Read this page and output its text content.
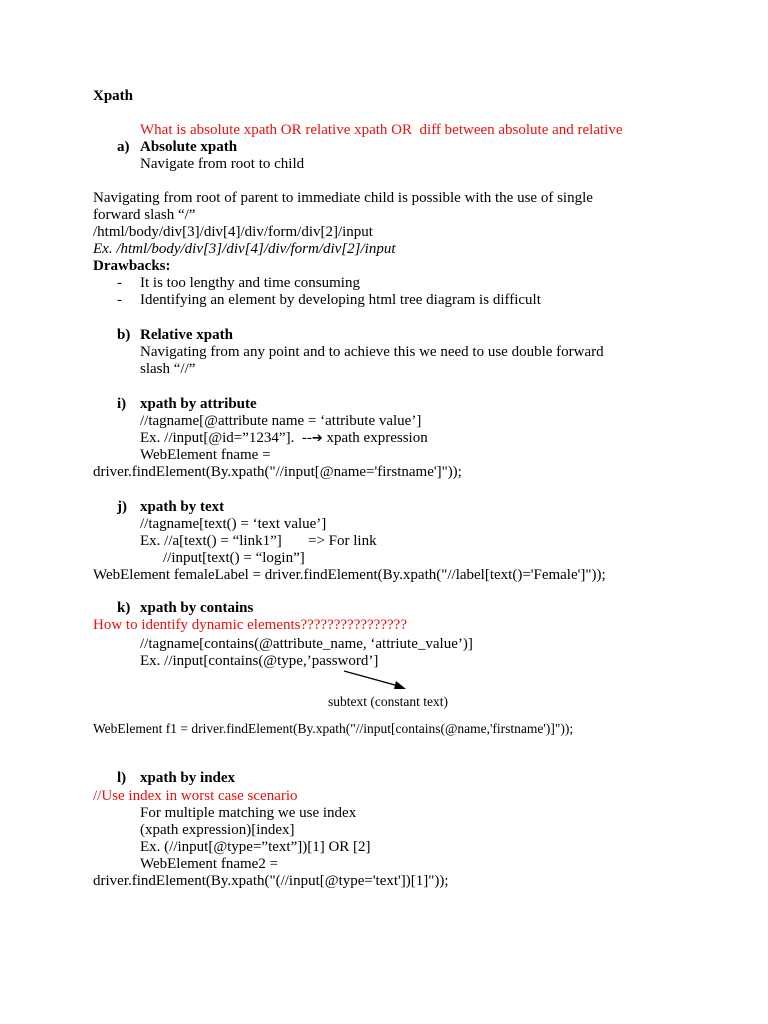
Xpath
What is absolute xpath OR relative xpath OR  diff between absolute and relative
a) Absolute xpath
Navigate from root to child
Navigating from root of parent to immediate child is possible with the use of single
forward slash “/”
/html/body/div[3]/div[4]/div/form/div[2]/input
Ex. /html/body/div[3]/div[4]/div/form/div[2]/input
Drawbacks:
- It is too lengthy and time consuming
- Identifying an element by developing html tree diagram is difficult
b) Relative xpath
Navigating from any point and to achieve this we need to use double forward
slash “//”
i) xpath by attribute
//tagname[@attribute name = ‘attribute value’]
Ex. //input[@id=”1234”].  --➔ xpath expression
WebElement fname =
driver.findElement(By.xpath("//input[@name='firstname']"));
j) xpath by text
//tagname[text() = ‘text value’]
Ex. //a[text() = “link1”]       => For link
//input[text() = “login”]
WebElement femaleLabel = driver.findElement(By.xpath("//label[text()='Female']"));
k) xpath by contains
How to identify dynamic elements????????????????
//tagname[contains(@attribute_name, ‘attriute_value’)]
Ex. //input[contains(@type,’password’]
subtext (constant text)
WebElement f1 = driver.findElement(By.xpath("//input[contains(@name,'firstname')]"));
l) xpath by index
//Use index in worst case scenario
For multiple matching we use index
(xpath expression)[index]
Ex. (//input[@type=”text”])[1] OR [2]
WebElement fname2 =
driver.findElement(By.xpath("(//input[@type='text'])[1]"));
